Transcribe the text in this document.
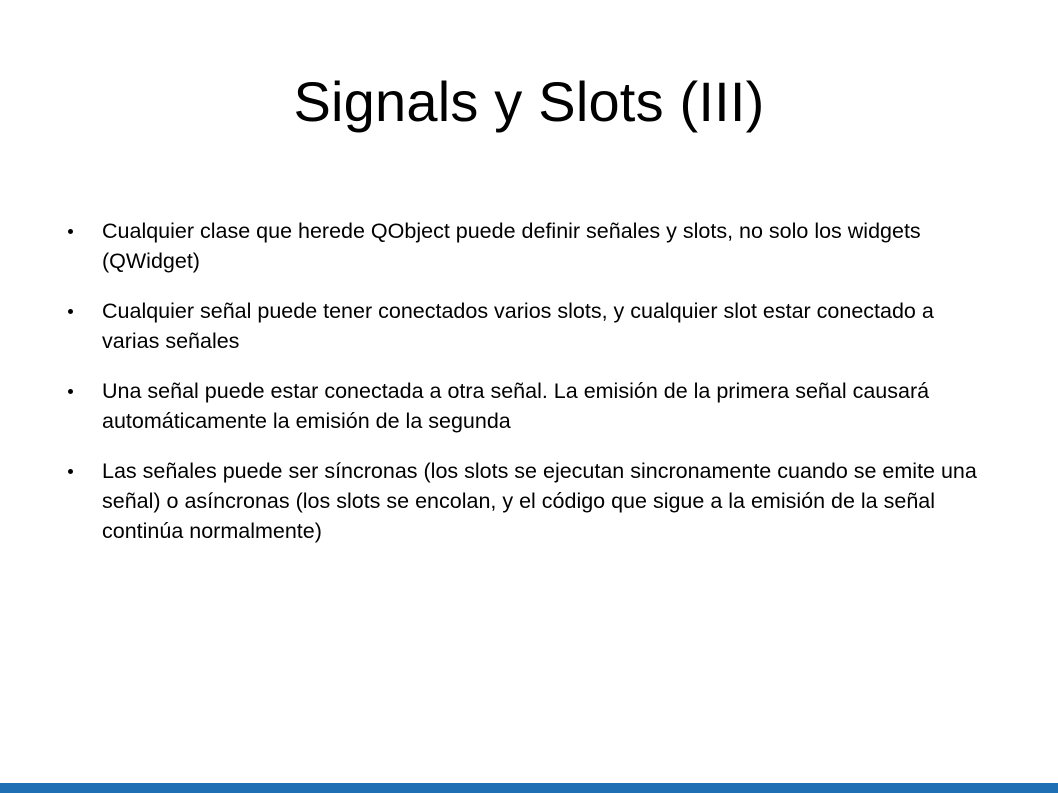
Signals y Slots (III)
Cualquier clase que herede QObject puede definir señales y slots, no solo los widgets (QWidget)
Cualquier señal puede tener conectados varios slots, y cualquier slot estar conectado a varias señales
Una señal puede estar conectada a otra señal. La emisión de la primera señal causará automáticamente la emisión de la segunda
Las señales puede ser síncronas (los slots se ejecutan sincronamente cuando se emite una señal) o asíncronas (los slots se encolan, y el código que sigue a la emisión de la señal continúa normalmente)
